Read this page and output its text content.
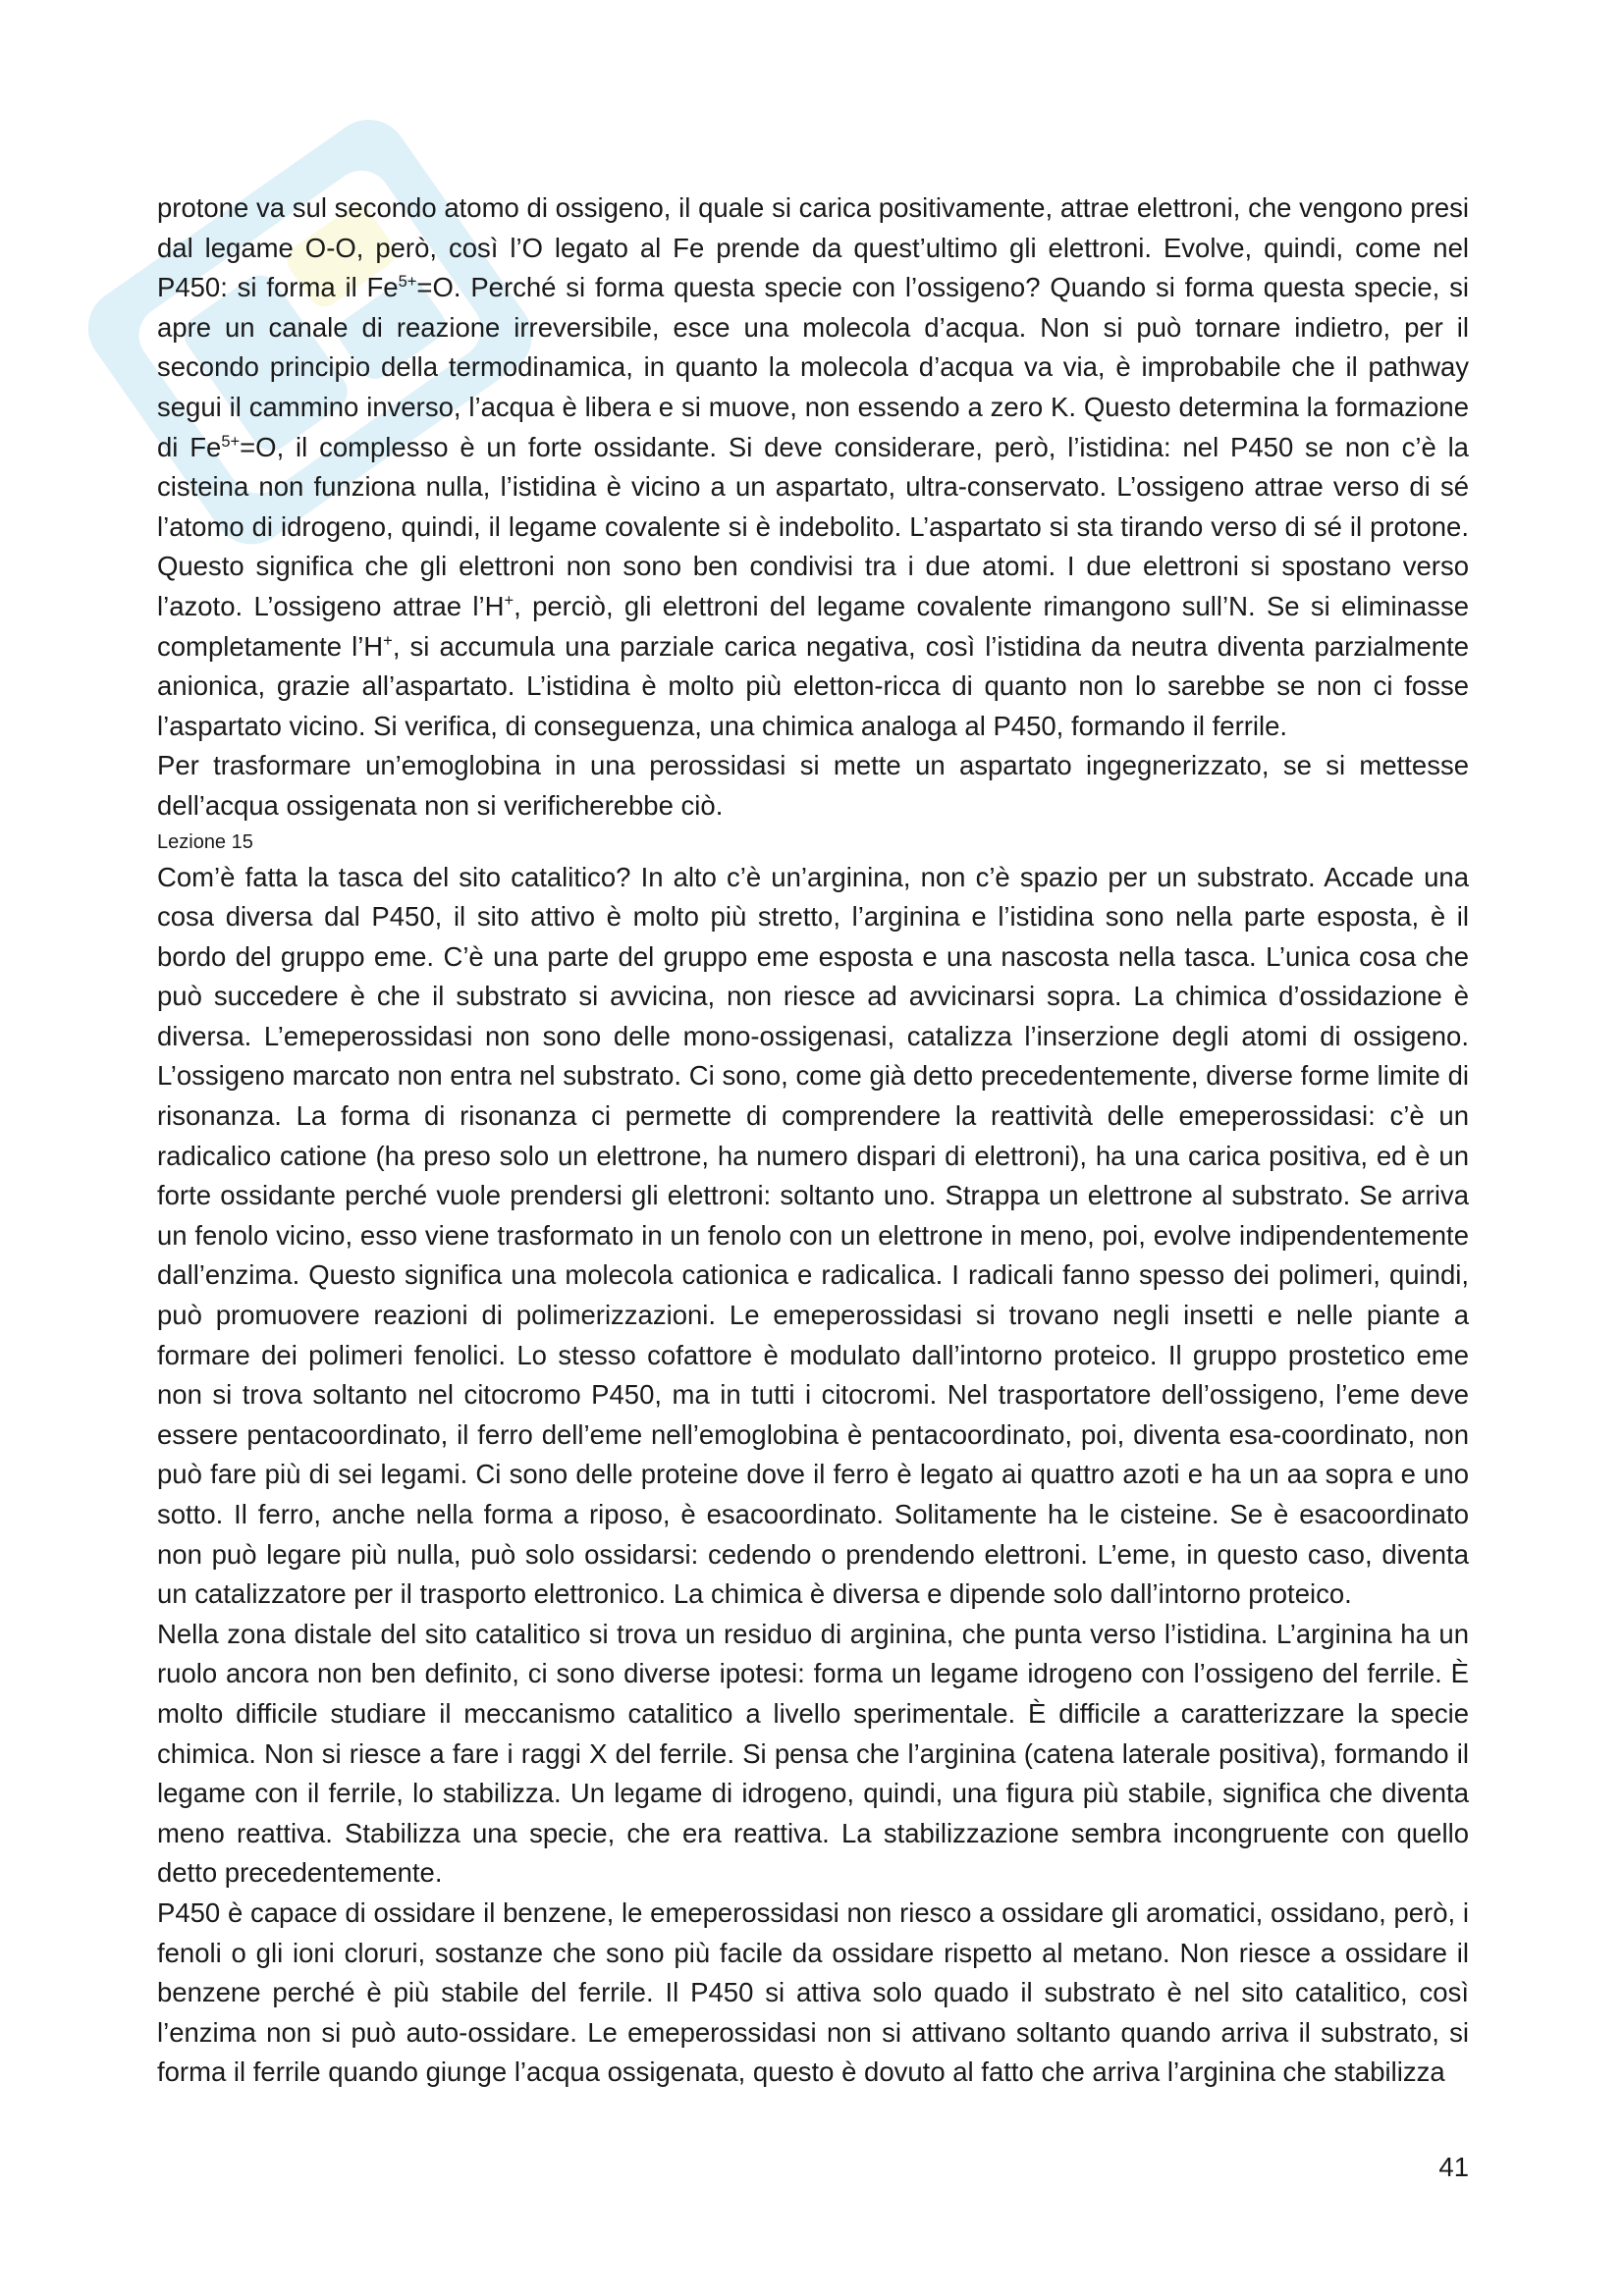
protone va sul secondo atomo di ossigeno, il quale si carica positivamente, attrae elettroni, che vengono presi dal legame O-O, però, così l’O legato al Fe prende da quest’ultimo gli elettroni. Evolve, quindi, come nel P450: si forma il $Fe^{5+}=O$. Perché si forma questa specie con l’ossigeno? Quando si forma questa specie, si apre un canale di reazione irreversibile, esce una molecola d’acqua. Non si può tornare indietro, per il secondo principio della termodinamica, in quanto la molecola d’acqua va via, è improbabile che il pathway segui il cammino inverso, l’acqua è libera e si muove, non essendo a zero K. Questo determina la formazione di $Fe^{5+}=O$, il complesso è un forte ossidante. Si deve considerare, però, l’istidina: nel P450 se non c’è la cisteina non funziona nulla, l’istidina è vicino a un aspartato, ultra-conservato. L’ossigeno attrae verso di sé l’atomo di idrogeno, quindi, il legame covalente si è indebolito. L’aspartato si sta tirando verso di sé il protone. Questo significa che gli elettroni non sono ben condivisi tra i due atomi. I due elettroni si spostano verso l’azoto. L’ossigeno attrae l’H+, perciò, gli elettroni del legame covalente rimangono sull’N. Se si eliminasse completamente l’H+, si accumula una parziale carica negativa, così l’istidina da neutra diventa parzialmente anionica, grazie all’aspartato. L’istidina è molto più eletton-ricca di quanto non lo sarebbe se non ci fosse l’aspartato vicino. Si verifica, di conseguenza, una chimica analoga al P450, formando il ferrile.

Per trasformare un’emoglobina in una perossidasi si mette un aspartato ingegnerizzato, se si mettesse dell’acqua ossigenata non si verificherebbe ciò.

Lezione 15

Com’è fatta la tasca del sito catalitico? In alto c’è un’arginina, non c’è spazio per un substrato. Accade una cosa diversa dal P450, il sito attivo è molto più stretto, l’arginina e l’istidina sono nella parte esposta, è il bordo del gruppo eme. C’è una parte del gruppo eme esposta e una nascosta nella tasca. L’unica cosa che può succedere è che il substrato si avvicina, non riesce ad avvicinarsi sopra. La chimica d’ossidazione è diversa. L’emeperossidasi non sono delle mono-ossigenasi, catalizza l’inserzione degli atomi di ossigeno. L’ossigeno marcato non entra nel substrato. Ci sono, come già detto precedentemente, diverse forme limite di risonanza. La forma di risonanza ci permette di comprendere la reattività delle emeperossidasi: c’è un radicalico catione (ha preso solo un elettrone, ha numero dispari di elettroni), ha una carica positiva, ed è un forte ossidante perché vuole prendersi gli elettroni: soltanto uno. Strappa un elettrone al substrato. Se arriva un fenolo vicino, esso viene trasformato in un fenolo con un elettrone in meno, poi, evolve indipendentemente dall’enzima. Questo significa una molecola cationica e radicalica. I radicali fanno spesso dei polimeri, quindi, può promuovere reazioni di polimerizzazioni. Le emeperossidasi si trovano negli insetti e nelle piante a formare dei polimeri fenolici. Lo stesso cofattore è modulato dall’intorno proteico. Il gruppo prostetico eme non si trova soltanto nel citocromo P450, ma in tutti i citocromi. Nel trasportatore dell’ossigeno, l’eme deve essere pentacoordinato, il ferro dell’eme nell’emoglobina è pentacoordinato, poi, diventa esa-coordinato, non può fare più di sei legami. Ci sono delle proteine dove il ferro è legato ai quattro azoti e ha un aa sopra e uno sotto. Il ferro, anche nella forma a riposo, è esacoordinato. Solitamente ha le cisteine. Se è esacoordinato non può legare più nulla, può solo ossidarsi: cedendo o prendendo elettroni. L’eme, in questo caso, diventa un catalizzatore per il trasporto elettronico. La chimica è diversa e dipende solo dall’intorno proteico.

Nella zona distale del sito catalitico si trova un residuo di arginina, che punta verso l’istidina. L’arginina ha un ruolo ancora non ben definito, ci sono diverse ipotesi: forma un legame idrogeno con l’ossigeno del ferrile. È molto difficile studiare il meccanismo catalitico a livello sperimentale. È difficile a caratterizzare la specie chimica. Non si riesce a fare i raggi X del ferrile. Si pensa che l’arginina (catena laterale positiva), formando il legame con il ferrile, lo stabilizza. Un legame di idrogeno, quindi, una figura più stabile, significa che diventa meno reattiva. Stabilizza una specie, che era reattiva. La stabilizzazione sembra incongruente con quello detto precedentemente.

P450 è capace di ossidare il benzene, le emeperossidasi non riesco a ossidare gli aromatici, ossidano, però, i fenoli o gli ioni cloruri, sostanze che sono più facile da ossidare rispetto al metano. Non riesce a ossidare il benzene perché è più stabile del ferrile. Il P450 si attiva solo quado il substrato è nel sito catalitico, così l’enzima non si può auto-ossidare. Le emeperossidasi non si attivano soltanto quando arriva il substrato, si forma il ferrile quando giunge l’acqua ossigenata, questo è dovuto al fatto che arriva l’arginina che stabilizza

41
